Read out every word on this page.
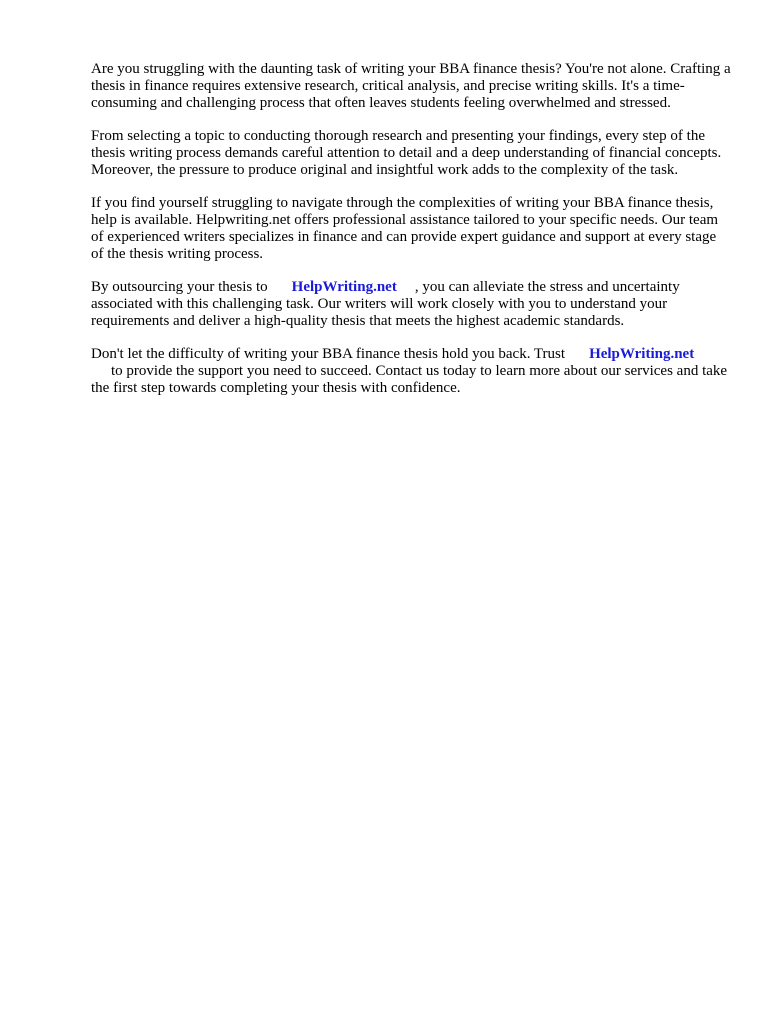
Are you struggling with the daunting task of writing your BBA finance thesis? You're not alone. Crafting a thesis in finance requires extensive research, critical analysis, and precise writing skills. It's a time-consuming and challenging process that often leaves students feeling overwhelmed and stressed.

From selecting a topic to conducting thorough research and presenting your findings, every step of the thesis writing process demands careful attention to detail and a deep understanding of financial concepts. Moreover, the pressure to produce original and insightful work adds to the complexity of the task.

If you find yourself struggling to navigate through the complexities of writing your BBA finance thesis, help is available. Helpwriting.net offers professional assistance tailored to your specific needs. Our team of experienced writers specializes in finance and can provide expert guidance and support at every stage of the thesis writing process.

By outsourcing your thesis to HelpWriting.net , you can alleviate the stress and uncertainty associated with this challenging task. Our writers will work closely with you to understand your requirements and deliver a high-quality thesis that meets the highest academic standards.

Don't let the difficulty of writing your BBA finance thesis hold you back. Trust HelpWriting.net
to provide the support you need to succeed. Contact us today to learn more about our services and take the first step towards completing your thesis with confidence.
